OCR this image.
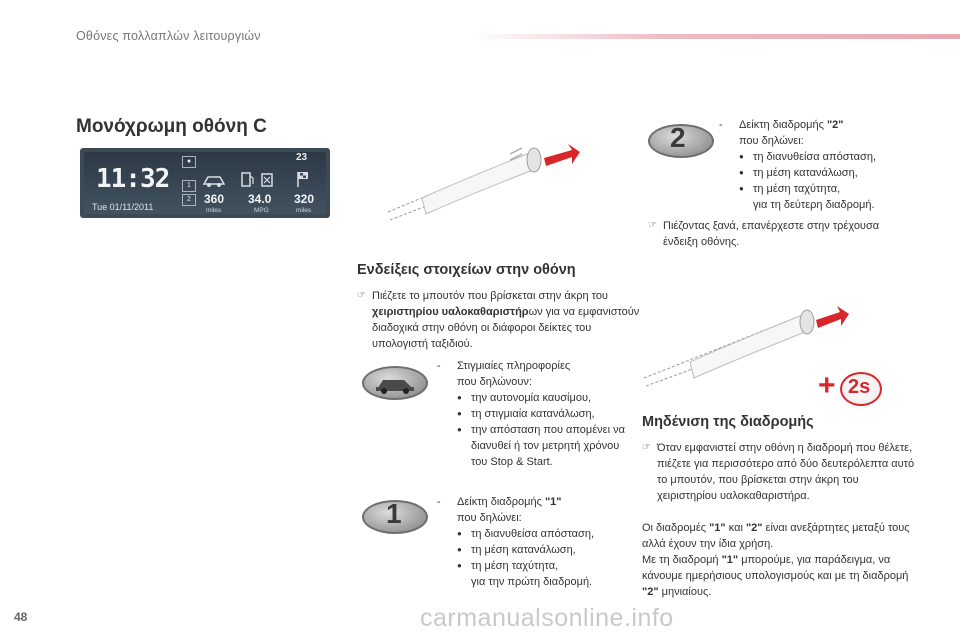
Οθόνες πολλαπλών λειτουργιών
Μονόχρωμη οθόνη C
11:32
Tue 01/11/2011
23
●
1
2	360
miles
34.0
MPG
320
miles
Ενδείξεις στοιχείων στην οθόνη
☞ Πιέζετε το μπουτόν που βρίσκεται στην άκρη του χειριστηρίου υαλοκαθαριστήρων για να εμφανιστούν διαδοχικά στην οθόνη οι διάφοροι δείκτες του υπολογιστή ταξιδιού.
- Στιγμιαίες πληροφορίες
που δηλώνουν:
● την αυτονομία καυσίμου,
● τη στιγμιαία κατανάλωση,
● την απόσταση που απομένει να διανυθεί ή τον μετρητή χρόνου του Stop & Start.
1	- Δείκτη διαδρομής "1"
που δηλώνει:
● τη διανυθείσα απόσταση,
● τη μέση κατανάλωση,
● τη μέση ταχύτητα,
για την πρώτη διαδρομή.
2	- Δείκτη διαδρομής "2"
που δηλώνει:
● τη διανυθείσα απόσταση,
● τη μέση κατανάλωση,
● τη μέση ταχύτητα,
για τη δεύτερη διαδρομή.
☞ Πιέζοντας ξανά, επανέρχεστε στην τρέχουσα ένδειξη οθόνης.
+ 2s
Μηδένιση της διαδρομής
☞ Όταν εμφανιστεί στην οθόνη η διαδρομή που θέλετε, πιέζετε για περισσότερο από δύο δευτερόλεπτα αυτό το μπουτόν, που βρίσκεται στην άκρη του χειριστηρίου υαλοκαθαριστήρα.
Οι διαδρομές "1" και "2" είναι ανεξάρτητες μεταξύ τους αλλά έχουν την ίδια χρήση.
Με τη διαδρομή "1" μπορούμε, για παράδειγμα, να κάνουμε ημερήσιους υπολογισμούς και με τη διαδρομή "2" μηνιαίους.
48	carmanualsonline.info
